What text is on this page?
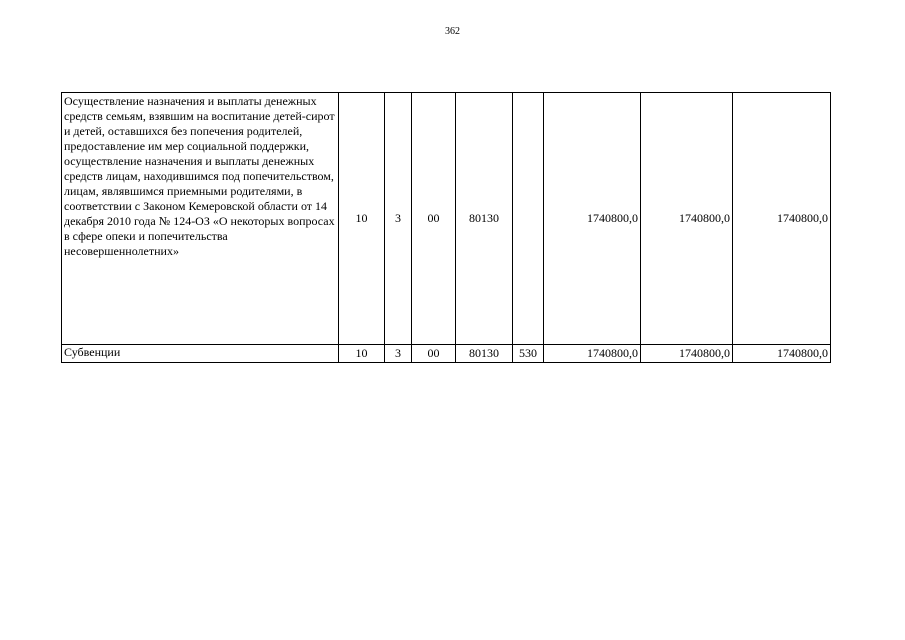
362
Осуществление назначения и выплаты денежных средств семьям, взявшим на воспитание детей-сирот и детей, оставшихся без попечения родителей, предоставление им мер социальной поддержки, осуществление назначения и выплаты денежных средств лицам, находившимся под попечительством, лицам, являвшимся приемными родителями, в соответствии с Законом Кемеровской области от 14 декабря 2010 года № 124-ОЗ «О некоторых вопросах в сфере опеки и попечительства несовершеннолетних»	10	3	00	80130		1740800,0	1740800,0	1740800,0
Субвенции	10	3	00	80130	530	1740800,0	1740800,0	1740800,0
